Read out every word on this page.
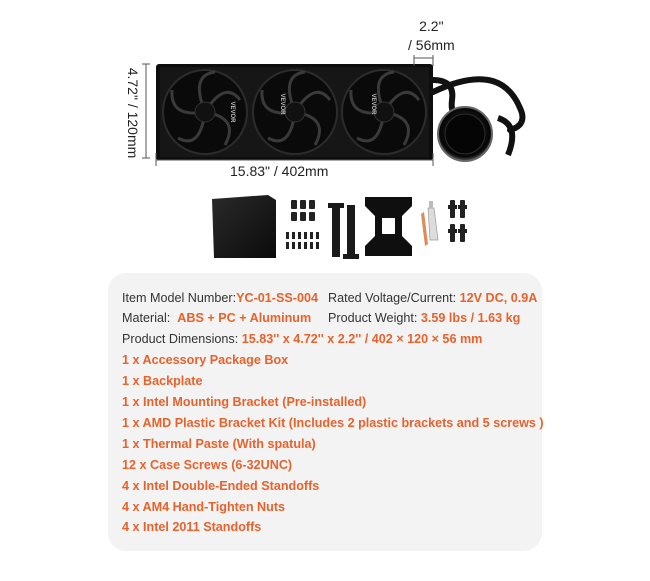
VEVOR	VEVOR	VEVOR
2.2"
/ 56mm
4.72" / 120mm
15.83" / 402mm
Item Model Number:YC-01-SS-004 Rated Voltage/Current: 12V DC, 0.9A
Material: ABS + PC + Aluminum Product Weight: 3.59 lbs / 1.63 kg
Product Dimensions: 15.83'' x 4.72'' x 2.2'' / 402 × 120 × 56 mm
1 x Accessory Package Box
1 x Backplate
1 x Intel Mounting Bracket (Pre-installed)
1 x AMD Plastic Bracket Kit (Includes 2 plastic brackets and 5 screws )
1 x Thermal Paste (With spatula)
12 x Case Screws (6-32UNC)
4 x Intel Double-Ended Standoffs
4 x AM4 Hand-Tighten Nuts
4 x Intel 2011 Standoffs
